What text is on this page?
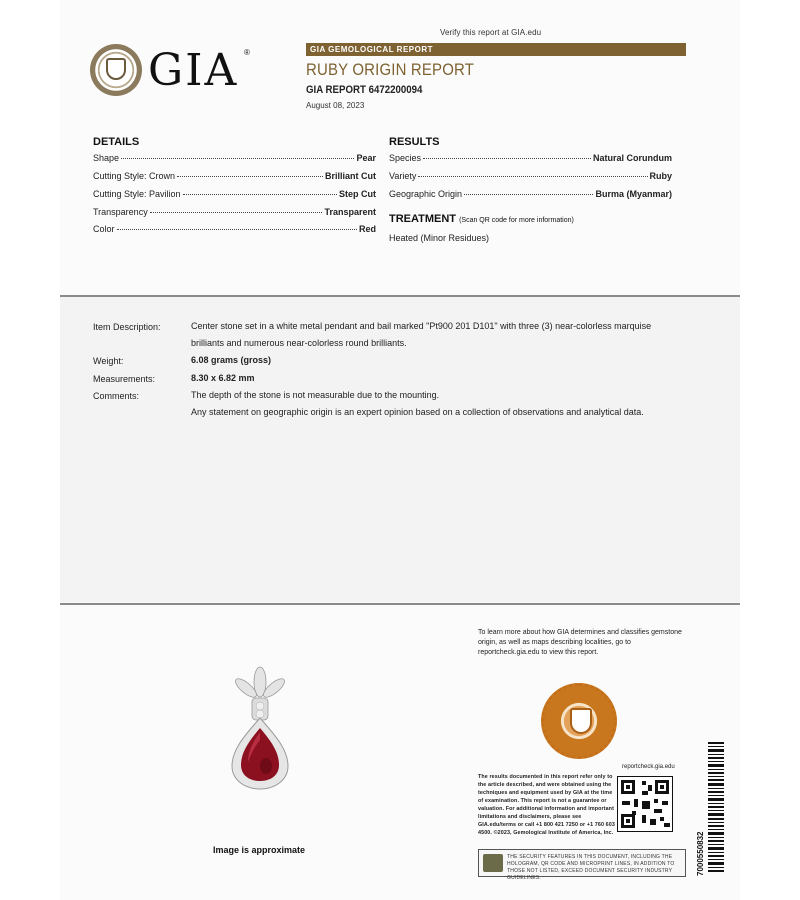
Verify this report at GIA.edu
GIA ®	GIA GEMOLOGICAL REPORT
RUBY ORIGIN REPORT
GIA REPORT 6472200094
August 08, 2023
DETAILS
Shape	Pear
Cutting Style: Crown	Brilliant Cut
Cutting Style: Pavilion	Step Cut
Transparency	Transparent
Color	Red
RESULTS
Species	Natural Corundum
Variety	Ruby
Geographic Origin	Burma (Myanmar)
TREATMENT (Scan QR code for more information)
Heated (Minor Residues)
Item Description:	Center stone set in a white metal pendant and bail marked "Pt900 201 D101" with three (3) near-colorless marquise brilliants and numerous near-colorless round brilliants.
Weight:	6.08 grams (gross)
Measurements:	8.30 x 6.82 mm
Comments:	The depth of the stone is not measurable due to the mounting.
Any statement on geographic origin is an expert opinion based on a collection of observations and analytical data.
Image is approximate
To learn more about how GIA determines and classifies gemstone origin, as well as maps describing localities, go to reportcheck.gia.edu to view this report.
The results documented in this report refer only to the article described, and were obtained using the techniques and equipment used by GIA at the time of examination. This report is not a guarantee or valuation. For additional information and important limitations and disclaimers, please see GIA.edu/terms or call +1 800 421 7250 or +1 760 603 4500. ©2023, Gemological Institute of America, Inc.
reportcheck.gia.edu
THE SECURITY FEATURES IN THIS DOCUMENT, INCLUDING THE HOLOGRAM, QR CODE AND MICROPRINT LINES, IN ADDITION TO THOSE NOT LISTED, EXCEED DOCUMENT SECURITY INDUSTRY GUIDELINES.
7000550832
